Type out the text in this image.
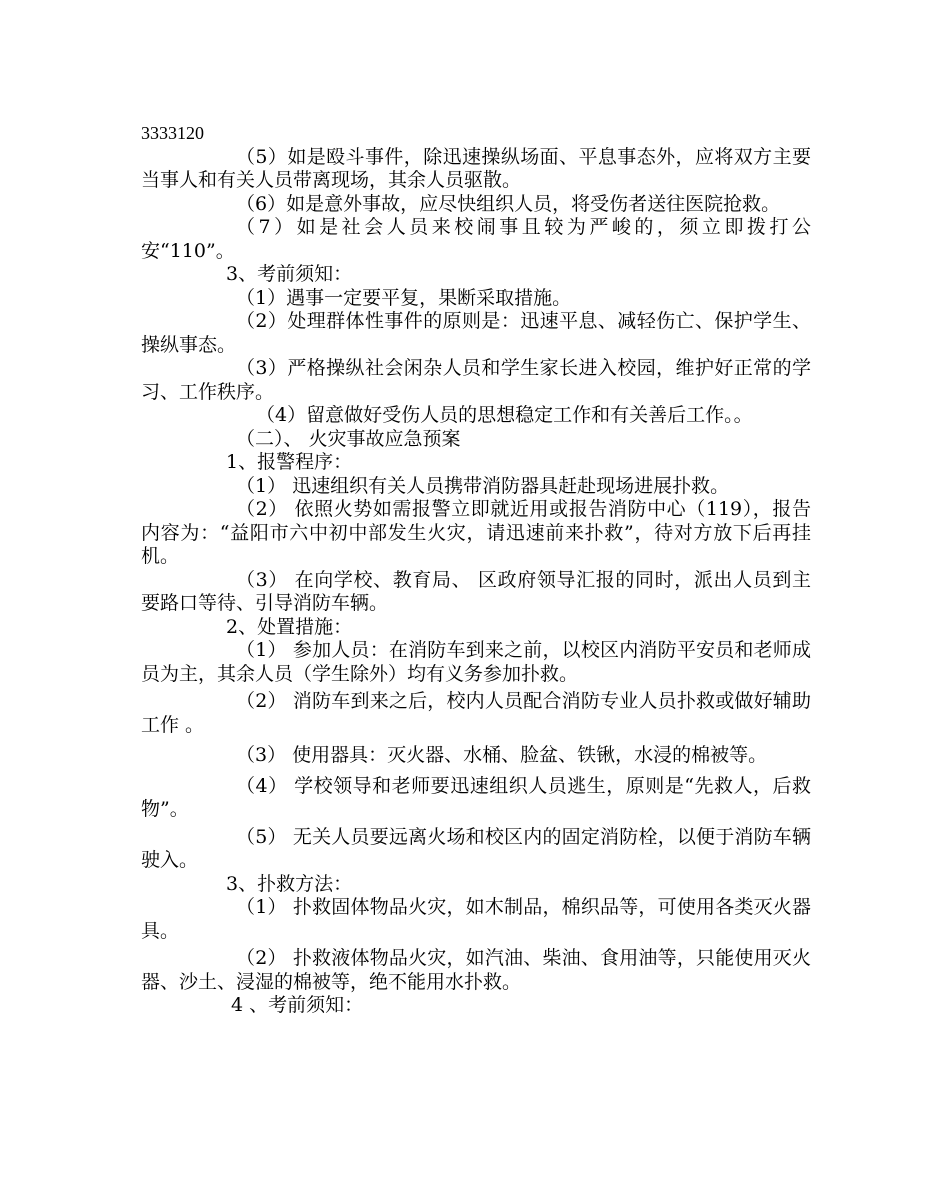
3333120

（5）如是殴斗事件，除迅速操纵场面、平息事态外，应将双方主要当事人和有关人员带离现场，其余人员驱散。

（6）如是意外事故，应尽快组织人员，将受伤者送往医院抢救。

（7）如是社会人员来校闹事且较为严峻的，须立即拨打公安“110”。

3、考前须知：

（1）遇事一定要平复，果断采取措施。

（2）处理群体性事件的原则是：迅速平息、减轻伤亡、保护学生、操纵事态。

（3）严格操纵社会闲杂人员和学生家长进入校园，维护好正常的学习、工作秩序。

（4）留意做好受伤人员的思想稳定工作和有关善后工作。。

（二）、 火灾事故应急预案

1、报警程序：

（1） 迅速组织有关人员携带消防器具赶赴现场进展扑救。

（2） 依照火势如需报警立即就近用或报告消防中心（119），报告内容为：“益阳市六中初中部发生火灾，请迅速前来扑救”，待对方放下后再挂机。

（3） 在向学校、教育局、 区政府领导汇报的同时，派出人员到主要路口等待、引导消防车辆。

2、处置措施：

（1） 参加人员：在消防车到来之前，以校区内消防平安员和老师成员为主，其余人员（学生除外）均有义务参加扑救。

（2） 消防车到来之后，校内人员配合消防专业人员扑救或做好辅助工作 。

（3） 使用器具：灭火器、水桶、脸盆、铁锹，水浸的棉被等。

（4） 学校领导和老师要迅速组织人员逃生，原则是“先救人，后救物”。

（5） 无关人员要远离火场和校区内的固定消防栓，以便于消防车辆驶入。

3、扑救方法：

（1） 扑救固体物品火灾，如木制品，棉织品等，可使用各类灭火器具。

（2） 扑救液体物品火灾，如汽油、柴油、食用油等，只能使用灭火器、沙土、浸湿的棉被等，绝不能用水扑救。

4 、考前须知：
